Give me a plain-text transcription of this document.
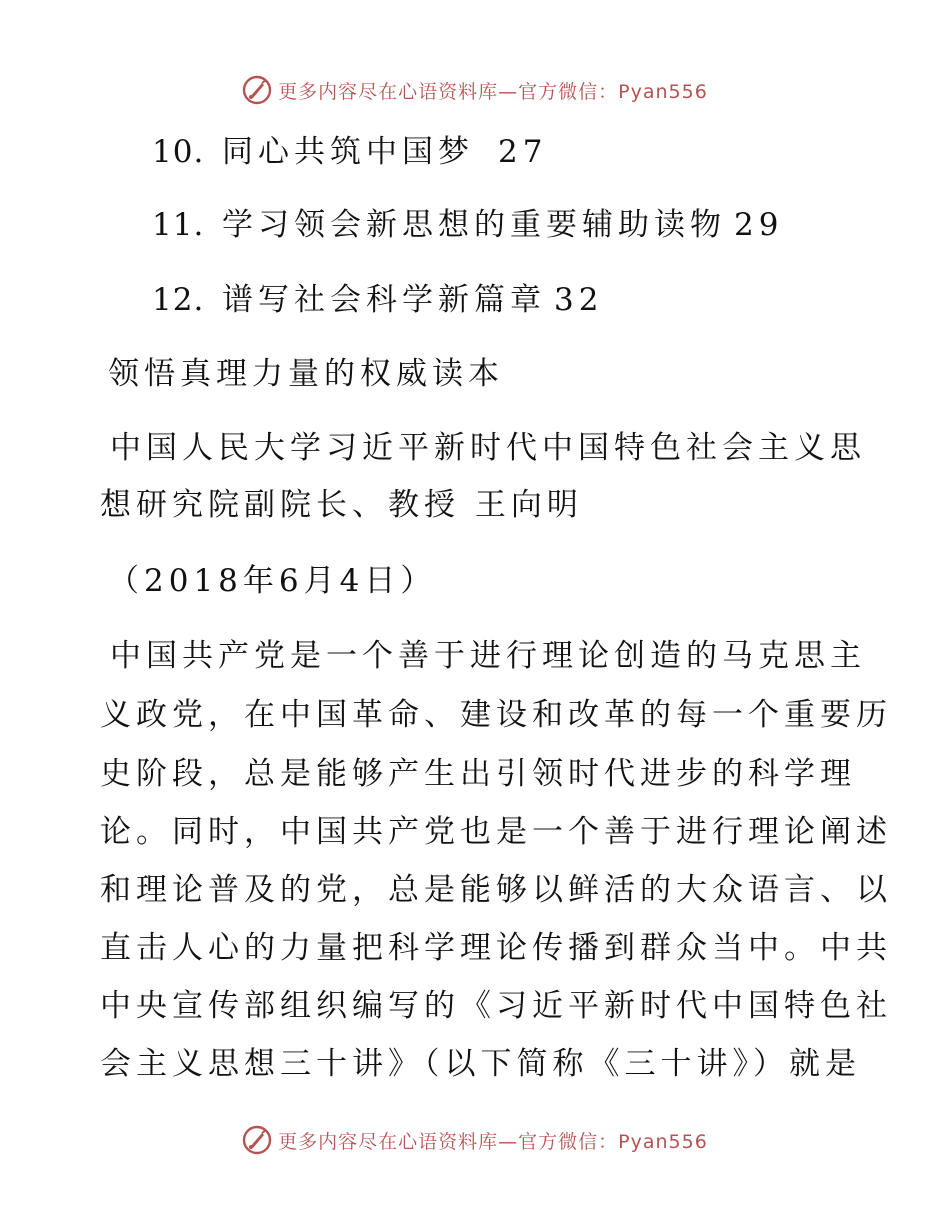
更多内容尽在心语资料库—官方微信：Pyan556
10. 同心共筑中国梦 27
11. 学习领会新思想的重要辅助读物 29
12. 谱写社会科学新篇章 32
领悟真理力量的权威读本
中国人民大学习近平新时代中国特色社会主义思
想研究院副院长、教授 王向明
（2018年6月4日）
中国共产党是一个善于进行理论创造的马克思主
义政党，在中国革命、建设和改革的每一个重要历
史阶段，总是能够产生出引领时代进步的科学理
论。同时，中国共产党也是一个善于进行理论阐述
和理论普及的党，总是能够以鲜活的大众语言、以
直击人心的力量把科学理论传播到群众当中。中共
中央宣传部组织编写的《习近平新时代中国特色社
会主义思想三十讲》（以下简称《三十讲》）就是
更多内容尽在心语资料库—官方微信：Pyan556
